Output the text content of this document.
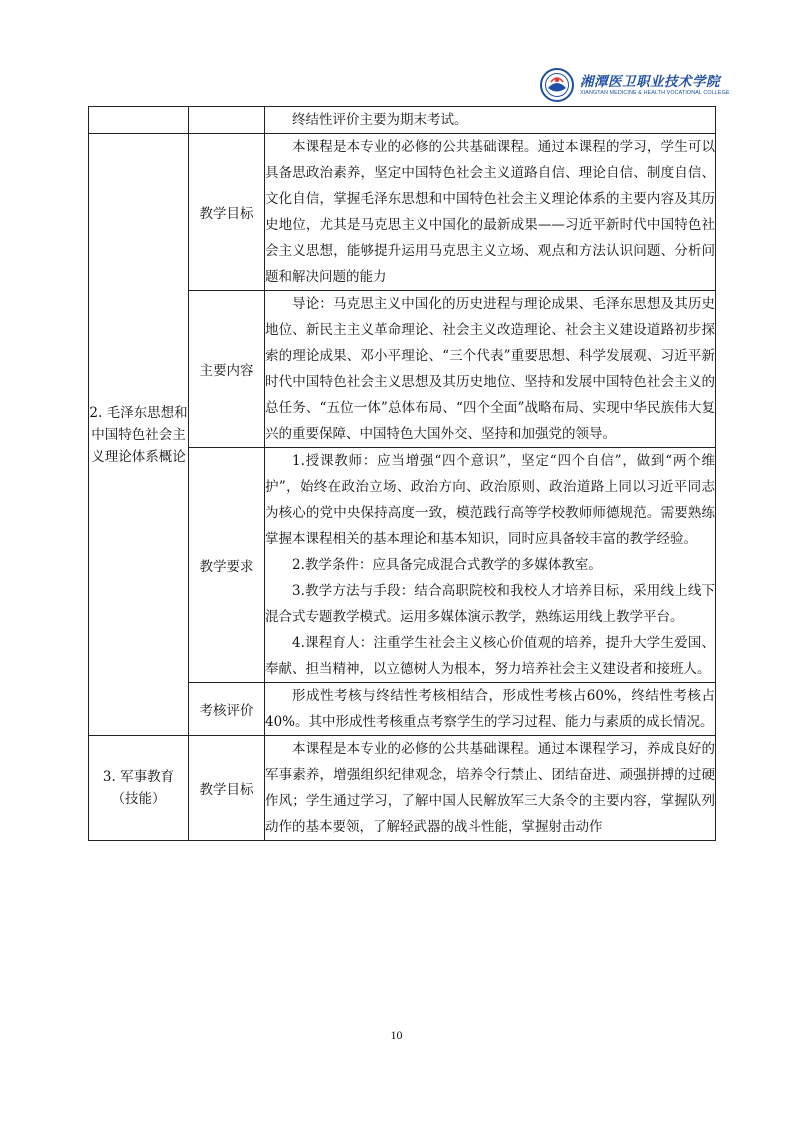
湘潭医卫职业技术学院
XIANGTAN MEDICINE & HEALTH VOCATIONAL COLLEGE

		终结性评价主要为期末考试。

2. 毛泽东思想和中国特色社会主义理论体系概论	教学目标	本课程是本专业的必修的公共基础课程。通过本课程的学习，学生可以具备思政治素养，坚定中国特色社会主义道路自信、理论自信、制度自信、文化自信，掌握毛泽东思想和中国特色社会主义理论体系的主要内容及其历史地位，尤其是马克思主义中国化的最新成果——习近平新时代中国特色社会主义思想，能够提升运用马克思主义立场、观点和方法认识问题、分析问题和解决问题的能力

	主要内容	导论：马克思主义中国化的历史进程与理论成果、毛泽东思想及其历史地位、新民主主义革命理论、社会主义改造理论、社会主义建设道路初步探索的理论成果、邓小平理论、“三个代表”重要思想、科学发展观、习近平新时代中国特色社会主义思想及其历史地位、坚持和发展中国特色社会主义的总任务、“五位一体”总体布局、“四个全面”战略布局、实现中华民族伟大复兴的重要保障、中国特色大国外交、坚持和加强党的领导。

	教学要求	1.授课教师：应当增强“四个意识”，坚定“四个自信”，做到“两个维护”，始终在政治立场、政治方向、政治原则、政治道路上同以习近平同志为核心的党中央保持高度一致，模范践行高等学校教师师德规范。需要熟练掌握本课程相关的基本理论和基本知识，同时应具备较丰富的教学经验。

2.教学条件：应具备完成混合式教学的多媒体教室。

3.教学方法与手段：结合高职院校和我校人才培养目标，采用线上线下混合式专题教学模式。运用多媒体演示教学，熟练运用线上教学平台。

4.课程育人：注重学生社会主义核心价值观的培养，提升大学生爱国、奉献、担当精神，以立德树人为根本，努力培养社会主义建设者和接班人。

	考核评价	形成性考核与终结性考核相结合，形成性考核占60%，终结性考核占40%。其中形成性考核重点考察学生的学习过程、能力与素质的成长情况。

3. 军事教育
（技能）	教学目标	本课程是本专业的必修的公共基础课程。通过本课程学习，养成良好的军事素养，增强组织纪律观念，培养令行禁止、团结奋进、顽强拼搏的过硬作风；学生通过学习，了解中国人民解放军三大条令的主要内容，掌握队列动作的基本要领，了解轻武器的战斗性能，掌握射击动作

10
